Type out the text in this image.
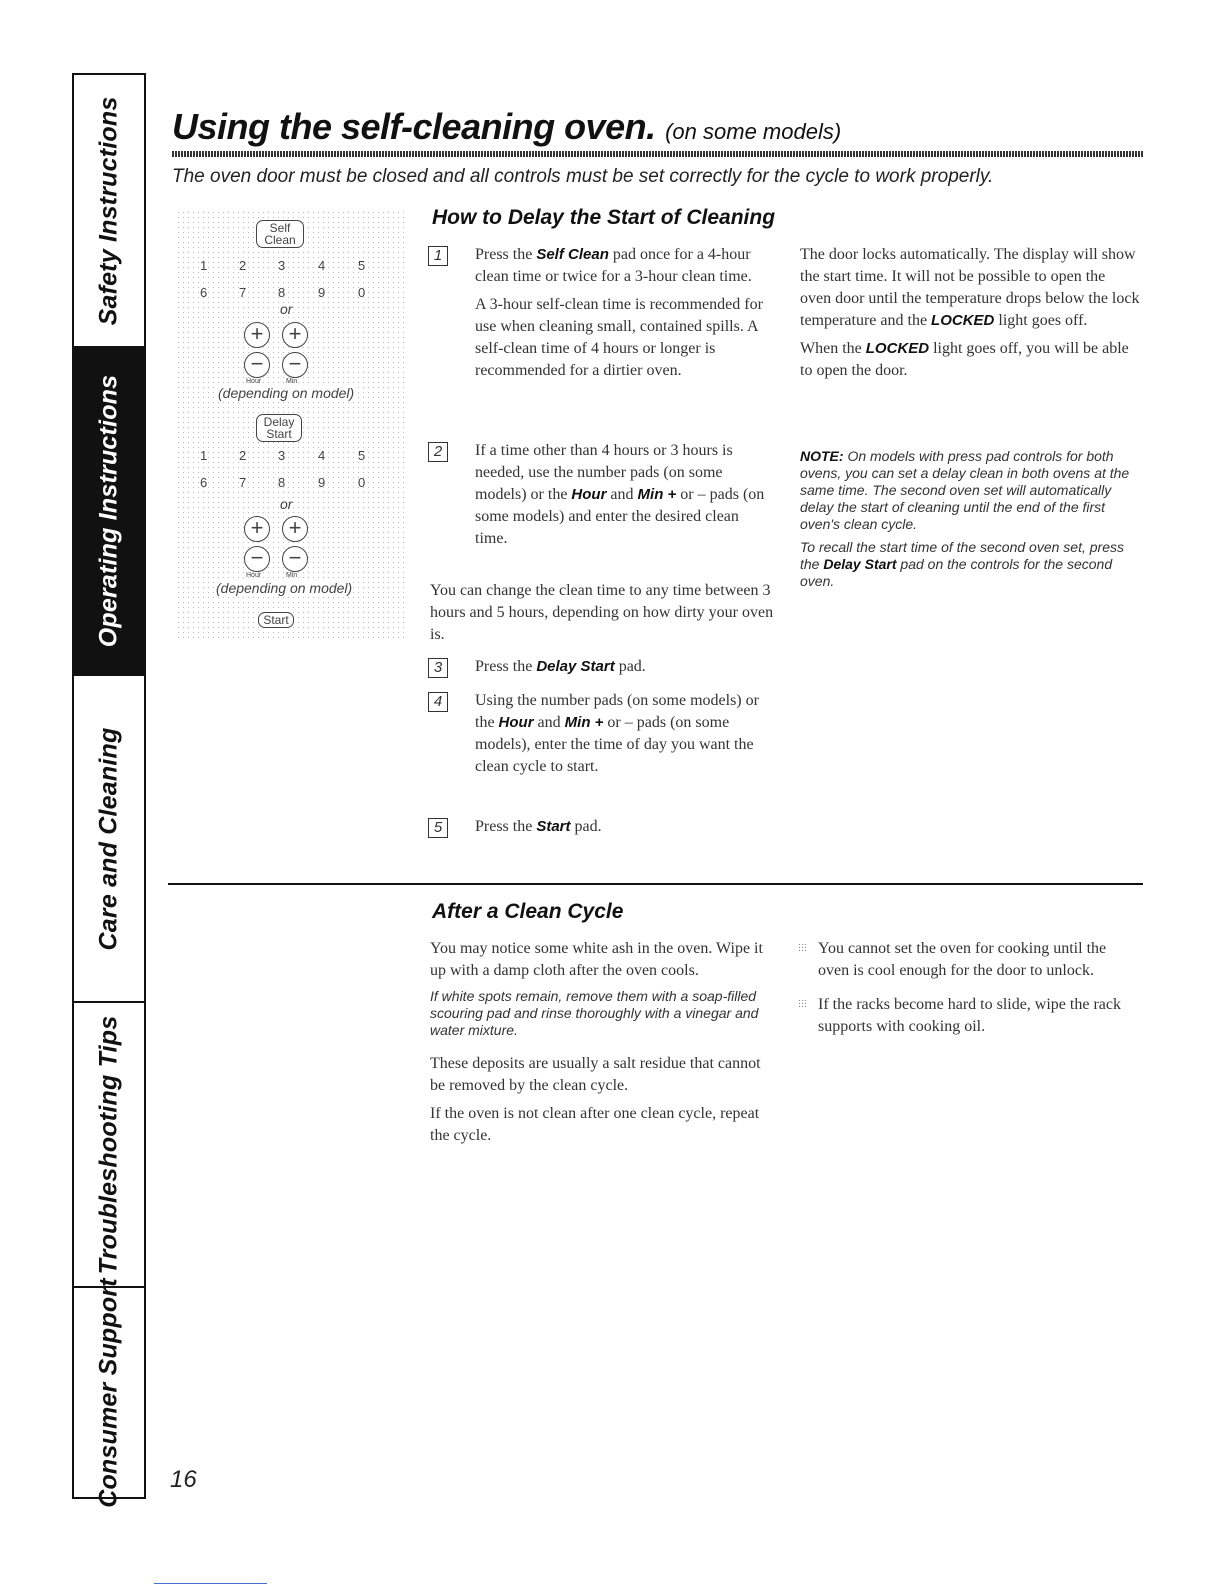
Safety Instructions
Operating Instructions
Care and Cleaning
Troubleshooting Tips
Consumer Support
Using the self-cleaning oven. (on some models)
The oven door must be closed and all controls must be set correctly for the cycle to work properly.
Self Clean
1 2 3	4	5
6 7 8	9	0
or
+ +
− −
Hour	Min
(depending on model)
Delay Start
1 2 3	4	5
6 7 8	9	0
or
+ +
− −
Hour	Min
(depending on model)
Start
How to Delay the Start of Cleaning
1	Press the Self Clean pad once for a 4-hour clean time or twice for a 3-hour clean time.

A 3-hour self-clean time is recommended for use when cleaning small, contained spills. A self-clean time of 4 hours or longer is recommended for a dirtier oven.

2	If a time other than 4 hours or 3 hours is needed, use the number pads (on some models) or the Hour and Min + or – pads (on some models) and enter the desired clean time.
You can change the clean time to any time between 3 hours and 5 hours, depending on how dirty your oven is.
3	Press the Delay Start pad.
4	Using the number pads (on some models) or the Hour and Min + or – pads (on some models), enter the time of day you want the clean cycle to start.
5	Press the Start pad.

The door locks automatically. The display will show the start time. It will not be possible to open the oven door until the temperature drops below the lock temperature and the LOCKED light goes off.

When the LOCKED light goes off, you will be able to open the door.

NOTE: On models with press pad controls for both ovens, you can set a delay clean in both ovens at the same time. The second oven set will automatically delay the start of cleaning until the end of the first oven's clean cycle.

To recall the start time of the second oven set, press the Delay Start pad on the controls for the second oven.

After a Clean Cycle

You may notice some white ash in the oven. Wipe it up with a damp cloth after the oven cools.

If white spots remain, remove them with a soap-filled scouring pad and rinse thoroughly with a vinegar and water mixture.

These deposits are usually a salt residue that cannot be removed by the clean cycle.

If the oven is not clean after one clean cycle, repeat the cycle.

You cannot set the oven for cooking until the oven is cool enough for the door to unlock.
If the racks become hard to slide, wipe the rack supports with cooking oil.
16
